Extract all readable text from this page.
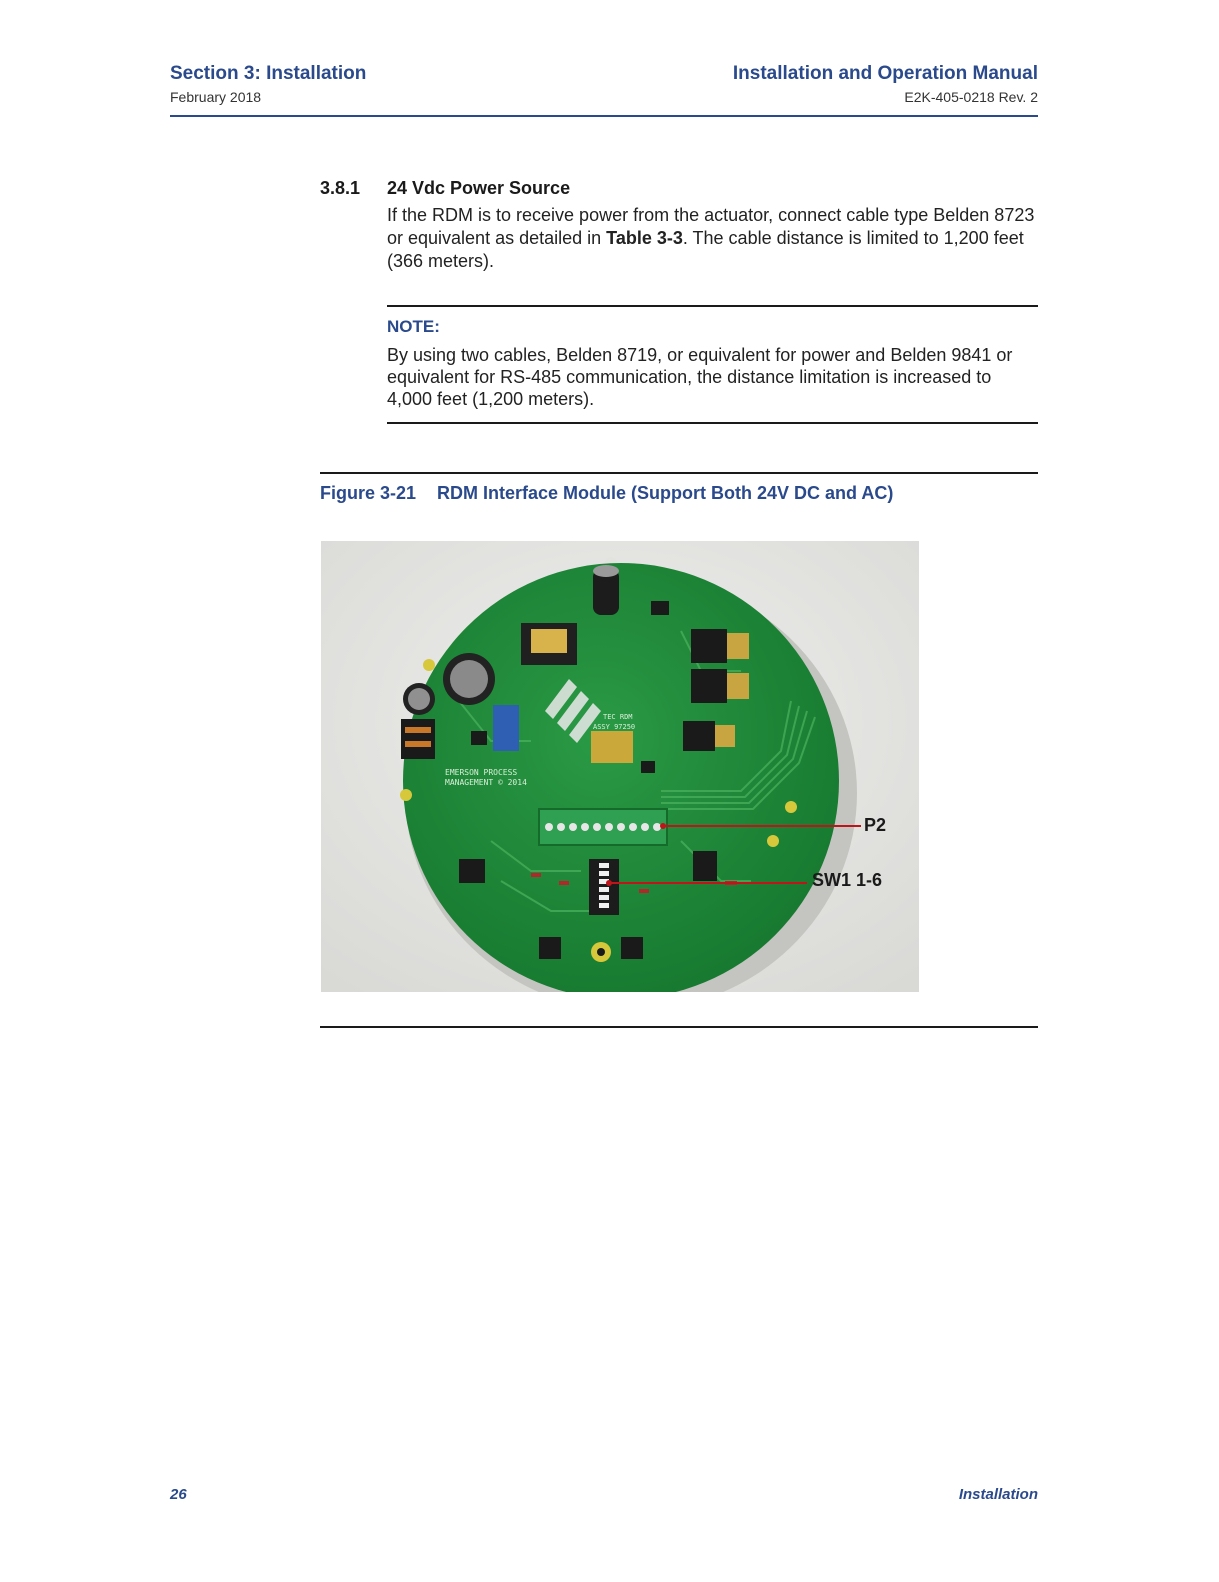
Section 3: Installation
February 2018
Installation and Operation Manual
E2K-405-0218 Rev. 2
3.8.1 24 Vdc Power Source
If the RDM is to receive power from the actuator, connect cable type Belden 8723 or equivalent as detailed in Table 3-3. The cable distance is limited to 1,200 feet (366 meters).
NOTE:
By using two cables, Belden 8719, or equivalent for power and Belden 9841 or equivalent for RS-485 communication, the distance limitation is increased to 4,000 feet (1,200 meters).
Figure 3-21 RDM Interface Module (Support Both 24V DC and AC)
EMERSON PROCESS
MANAGEMENT © 2014
TEC RDM
ASSY 97250
P2
SW1 1-6
26	Installation
